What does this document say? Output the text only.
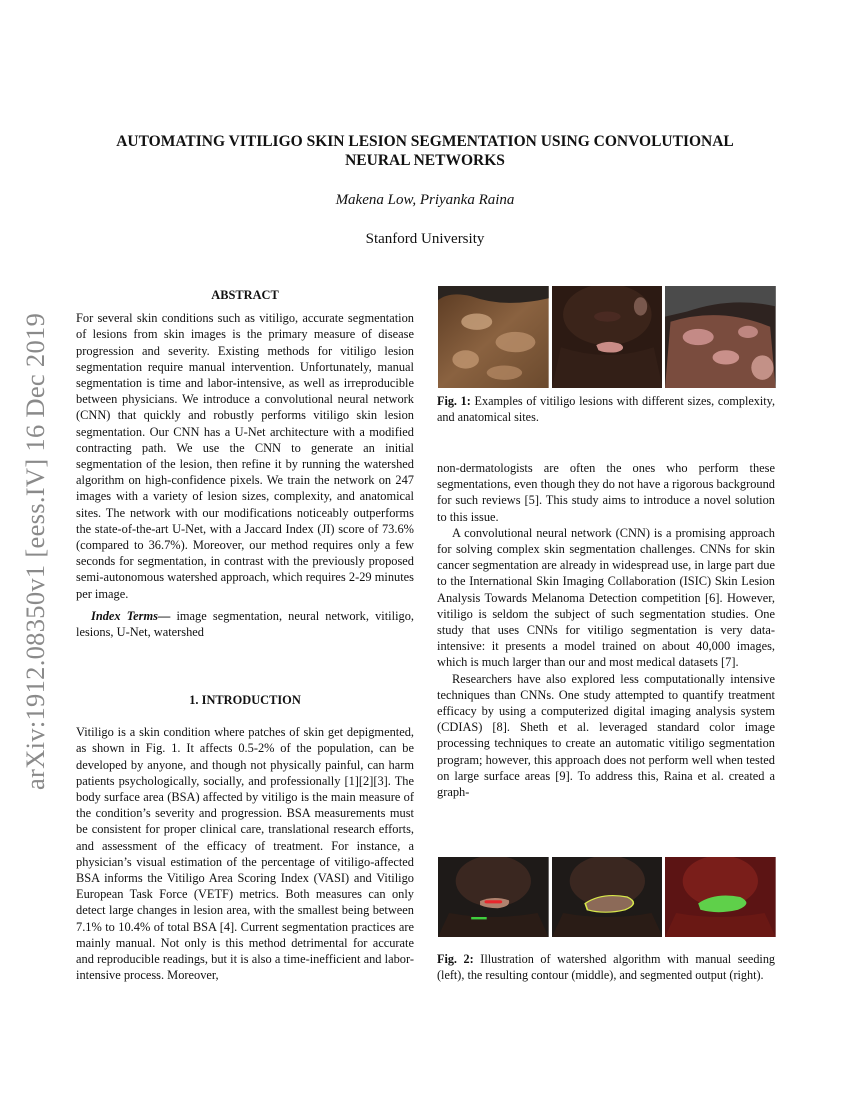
arXiv:1912.08350v1 [eess.IV] 16 Dec 2019
AUTOMATING VITILIGO SKIN LESION SEGMENTATION USING CONVOLUTIONAL
NEURAL NETWORKS
Makena Low, Priyanka Raina
Stanford University
ABSTRACT

For several skin conditions such as vitiligo, accurate segmentation of lesions from skin images is the primary measure of disease progression and severity. Existing methods for vitiligo lesion segmentation require manual intervention. Unfortunately, manual segmentation is time and labor-intensive, as well as irreproducible between physicians. We introduce a convolutional neural network (CNN) that quickly and robustly performs vitiligo skin lesion segmentation. Our CNN has a U-Net architecture with a modified contracting path. We use the CNN to generate an initial segmentation of the lesion, then refine it by running the watershed algorithm on high-confidence pixels. We train the network on 247 images with a variety of lesion sizes, complexity, and anatomical sites. The network with our modifications noticeably outperforms the state-of-the-art U-Net, with a Jaccard Index (JI) score of 73.6% (compared to 36.7%). Moreover, our method requires only a few seconds for segmentation, in contrast with the previously proposed semi-autonomous watershed approach, which requires 2-29 minutes per image.

Index Terms— image segmentation, neural network, vitiligo, lesions, U-Net, watershed

1. INTRODUCTION

Vitiligo is a skin condition where patches of skin get depigmented, as shown in Fig. 1. It affects 0.5-2% of the population, can be developed by anyone, and though not physically painful, can harm patients psychologically, socially, and professionally [1][2][3]. The body surface area (BSA) affected by vitiligo is the main measure of the condition’s severity and progression. BSA measurements must be consistent for proper clinical care, translational research efforts, and assessment of the efficacy of treatment. For instance, a physician’s visual estimation of the percentage of vitiligo-affected BSA informs the Vitiligo Area Scoring Index (VASI) and Vitiligo European Task Force (VETF) metrics. Both measures can only detect large changes in lesion area, with the smallest being between 7.1% to 10.4% of total BSA [4]. Current segmentation practices are mainly manual. Not only is this method detrimental for accurate and reproducible readings, but it is also a time-inefficient and labor-intensive process. Moreover,

Fig. 1: Examples of vitiligo lesions with different sizes, complexity, and anatomical sites.

non-dermatologists are often the ones who perform these segmentations, even though they do not have a rigorous background for such reviews [5]. This study aims to introduce a novel solution to this issue.

A convolutional neural network (CNN) is a promising approach for solving complex skin segmentation challenges. CNNs for skin cancer segmentation are already in widespread use, in large part due to the International Skin Imaging Collaboration (ISIC) Skin Lesion Analysis Towards Melanoma Detection competition [6]. However, vitiligo is seldom the subject of such segmentation studies. One study that uses CNNs for vitiligo segmentation is very data-intensive: it presents a model trained on about 40,000 images, which is much larger than our and most medical datasets [7].

Researchers have also explored less computationally intensive techniques than CNNs. One study attempted to quantify treatment efficacy by using a computerized digital imaging analysis system (CDIAS) [8]. Sheth et al. leveraged standard color image processing techniques to create an automatic vitiligo segmentation program; however, this approach does not perform well when tested on large surface areas [9]. To address this, Raina et al. created a graph-

Fig. 2: Illustration of watershed algorithm with manual seeding (left), the resulting contour (middle), and segmented output (right).
